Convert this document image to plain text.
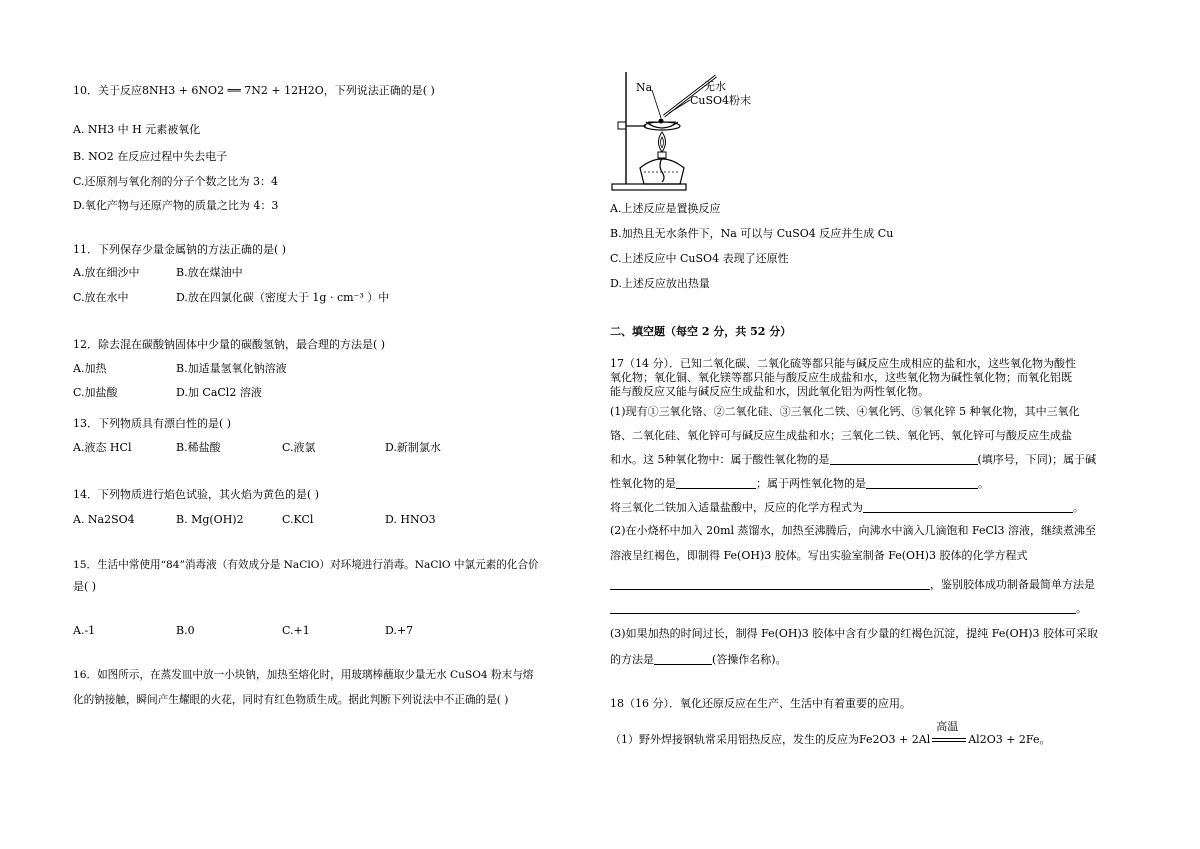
10．关于反应8NH3 + 6NO2 ══ 7N2 + 12H2O，下列说法正确的是( )
A. NH3 中 H 元素被氧化
B. NO2 在反应过程中失去电子
C.还原剂与氧化剂的分子个数之比为 3：4
D.氧化产物与还原产物的质量之比为 4：3
11．下列保存少量金属钠的方法正确的是( )
A.放在细沙中	B.放在煤油中
C.放在水中	D.放在四氯化碳（密度大于 1g · cm⁻³ ）中
12．除去混在碳酸钠固体中少量的碳酸氢钠，最合理的方法是( )
A.加热	B.加适量氢氧化钠溶液
C.加盐酸	D.加 CaCl2 溶液
13．下列物质具有漂白性的是( )
A.液态 HCl	B.稀盐酸	C.液氯	D.新制氯水
14．下列物质进行焰色试验，其火焰为黄色的是( )
A. Na2SO4	B. Mg(OH)2	C.KCl	D. HNO3
15．生活中常使用“84”消毒液（有效成分是 NaClO）对环境进行消毒。NaClO 中氯元素的化合价
是( )
A.-1	B.0	C.+1	D.+7
16．如图所示，在蒸发皿中放一小块钠，加热至熔化时，用玻璃棒蘸取少量无水 CuSO4 粉末与熔
化的钠接触，瞬间产生耀眼的火花，同时有红色物质生成。据此判断下列说法中不正确的是( )
Na	无水
CuSO4粉末
A.上述反应是置换反应
B.加热且无水条件下，Na 可以与 CuSO4 反应并生成 Cu
C.上述反应中 CuSO4 表现了还原性
D.上述反应放出热量
二、填空题（每空 2 分，共 52 分）
17（14 分）．已知二氧化碳、二氧化硫等都只能与碱反应生成相应的盐和水，这些氧化物为酸性
氧化物；氧化铜、氧化镁等都只能与酸反应生成盐和水，这些氧化物为碱性氧化物；而氧化铝既
能与酸反应又能与碱反应生成盐和水，因此氧化铝为两性氧化物。
(1)现有①三氧化铬、②二氧化硅、③三氧化二铁、④氧化钙、⑤氧化锌 5 种氧化物，其中三氧化
铬、二氧化硅、氧化锌可与碱反应生成盐和水；三氧化二铁、氧化钙、氧化锌可与酸反应生成盐
和水。这 5种氧化物中：属于酸性氧化物的是	(填序号，下同)；属于碱
性氧化物的是	；属于两性氧化物的是	。
将三氧化二铁加入适量盐酸中，反应的化学方程式为	。
(2)在小烧杯中加入 20ml 蒸馏水，加热至沸腾后，向沸水中滴入几滴饱和 FeCl3 溶液，继续煮沸至
溶液呈红褐色，即制得 Fe(OH)3 胶体。写出实验室制备 Fe(OH)3 胶体的化学方程式
，鉴别胶体成功制备最简单方法是
。
(3)如果加热的时间过长，制得 Fe(OH)3 胶体中含有少量的红褐色沉淀，提纯 Fe(OH)3 胶体可采取
的方法是	(答操作名称)。
18（16 分）．氧化还原反应在生产、生活中有着重要的应用。
（1）野外焊接钢轨常采用铝热反应，发生的反应为Fe2O3 + 2Al
高温
Al2O3 + 2Fe。
